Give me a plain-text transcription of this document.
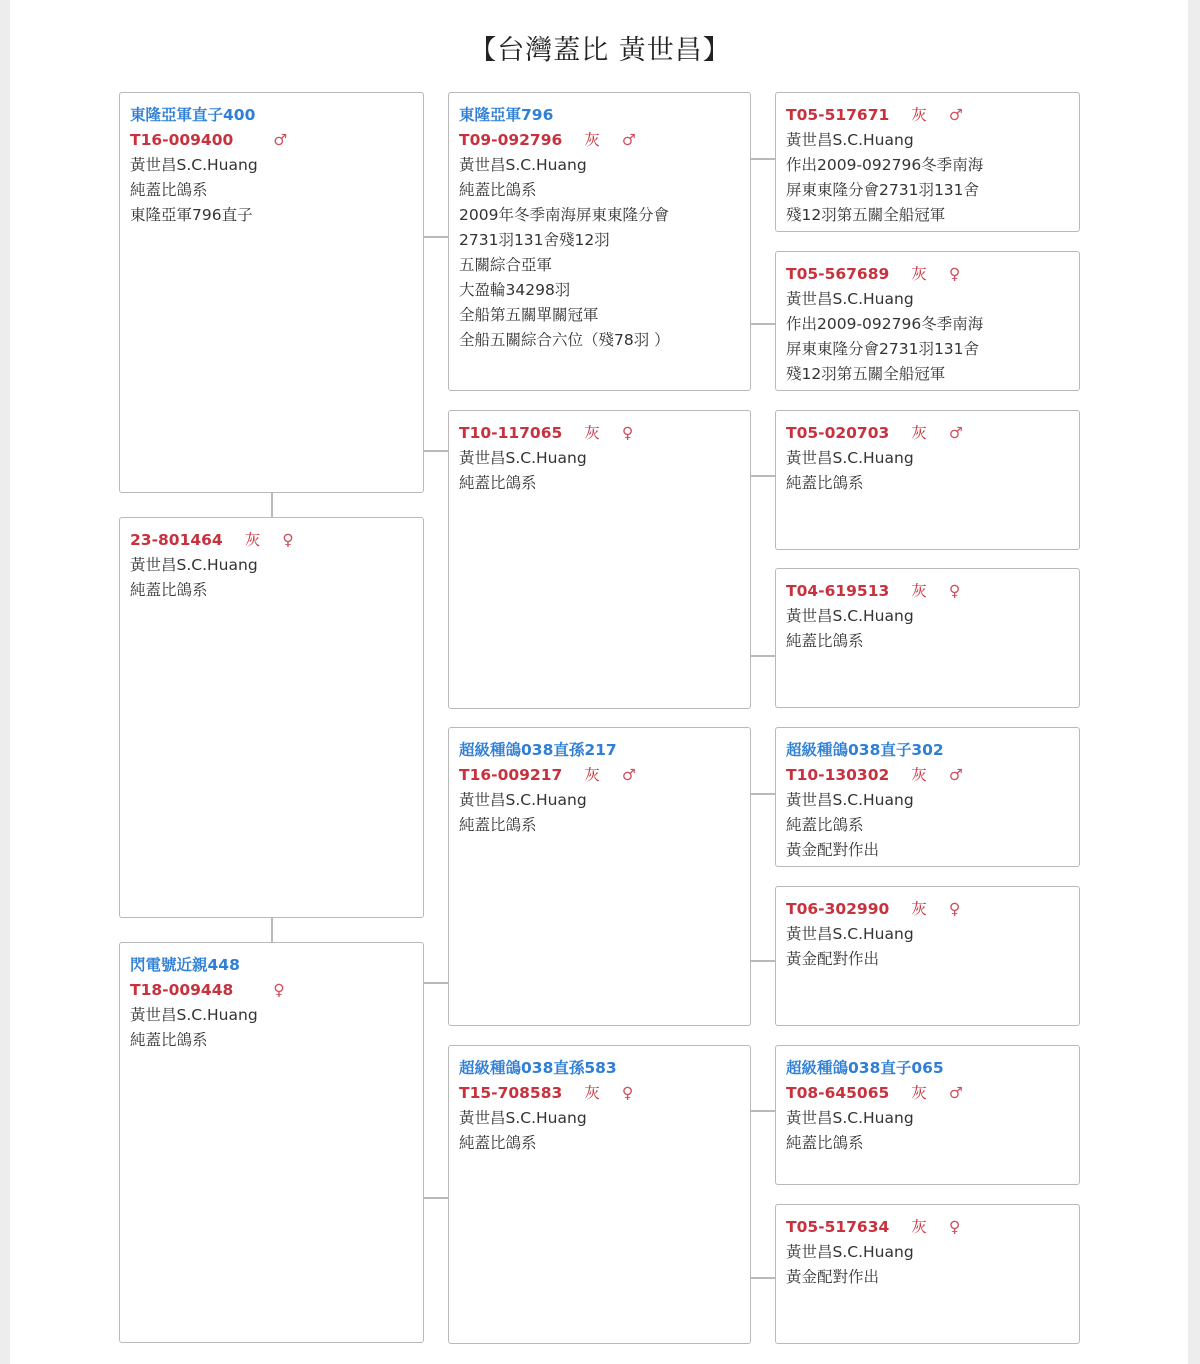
【台灣蓋比 黃世昌】
東隆亞軍直子400
T16-009400	♂
黃世昌S.C.Huang
純蓋比鴿系
東隆亞軍796直子
23-801464 灰 ♀
黃世昌S.C.Huang
純蓋比鴿系
閃電號近親448
T18-009448	♀
黃世昌S.C.Huang
純蓋比鴿系
東隆亞軍796
T09-092796 灰 ♂
黃世昌S.C.Huang
純蓋比鴿系
2009年冬季南海屏東東隆分會
2731羽131舍殘12羽
五關綜合亞軍
大盈輪34298羽
全船第五關單關冠軍
全船五關綜合六位（殘78羽 ）
T10-117065 灰 ♀
黃世昌S.C.Huang
純蓋比鴿系
超級種鴿038直孫217
T16-009217 灰 ♂
黃世昌S.C.Huang
純蓋比鴿系
超級種鴿038直孫583
T15-708583 灰 ♀
黃世昌S.C.Huang
純蓋比鴿系
T05-517671 灰 ♂
黃世昌S.C.Huang
作出2009-092796冬季南海
屏東東隆分會2731羽131舍
殘12羽第五關全船冠軍
T05-567689 灰 ♀
黃世昌S.C.Huang
作出2009-092796冬季南海
屏東東隆分會2731羽131舍
殘12羽第五關全船冠軍
T05-020703 灰 ♂
黃世昌S.C.Huang
純蓋比鴿系
T04-619513 灰 ♀
黃世昌S.C.Huang
純蓋比鴿系
超級種鴿038直子302
T10-130302 灰 ♂
黃世昌S.C.Huang
純蓋比鴿系
黃金配對作出
T06-302990 灰 ♀
黃世昌S.C.Huang
黃金配對作出
超級種鴿038直子065
T08-645065 灰 ♂
黃世昌S.C.Huang
純蓋比鴿系
T05-517634 灰 ♀
黃世昌S.C.Huang
黃金配對作出
